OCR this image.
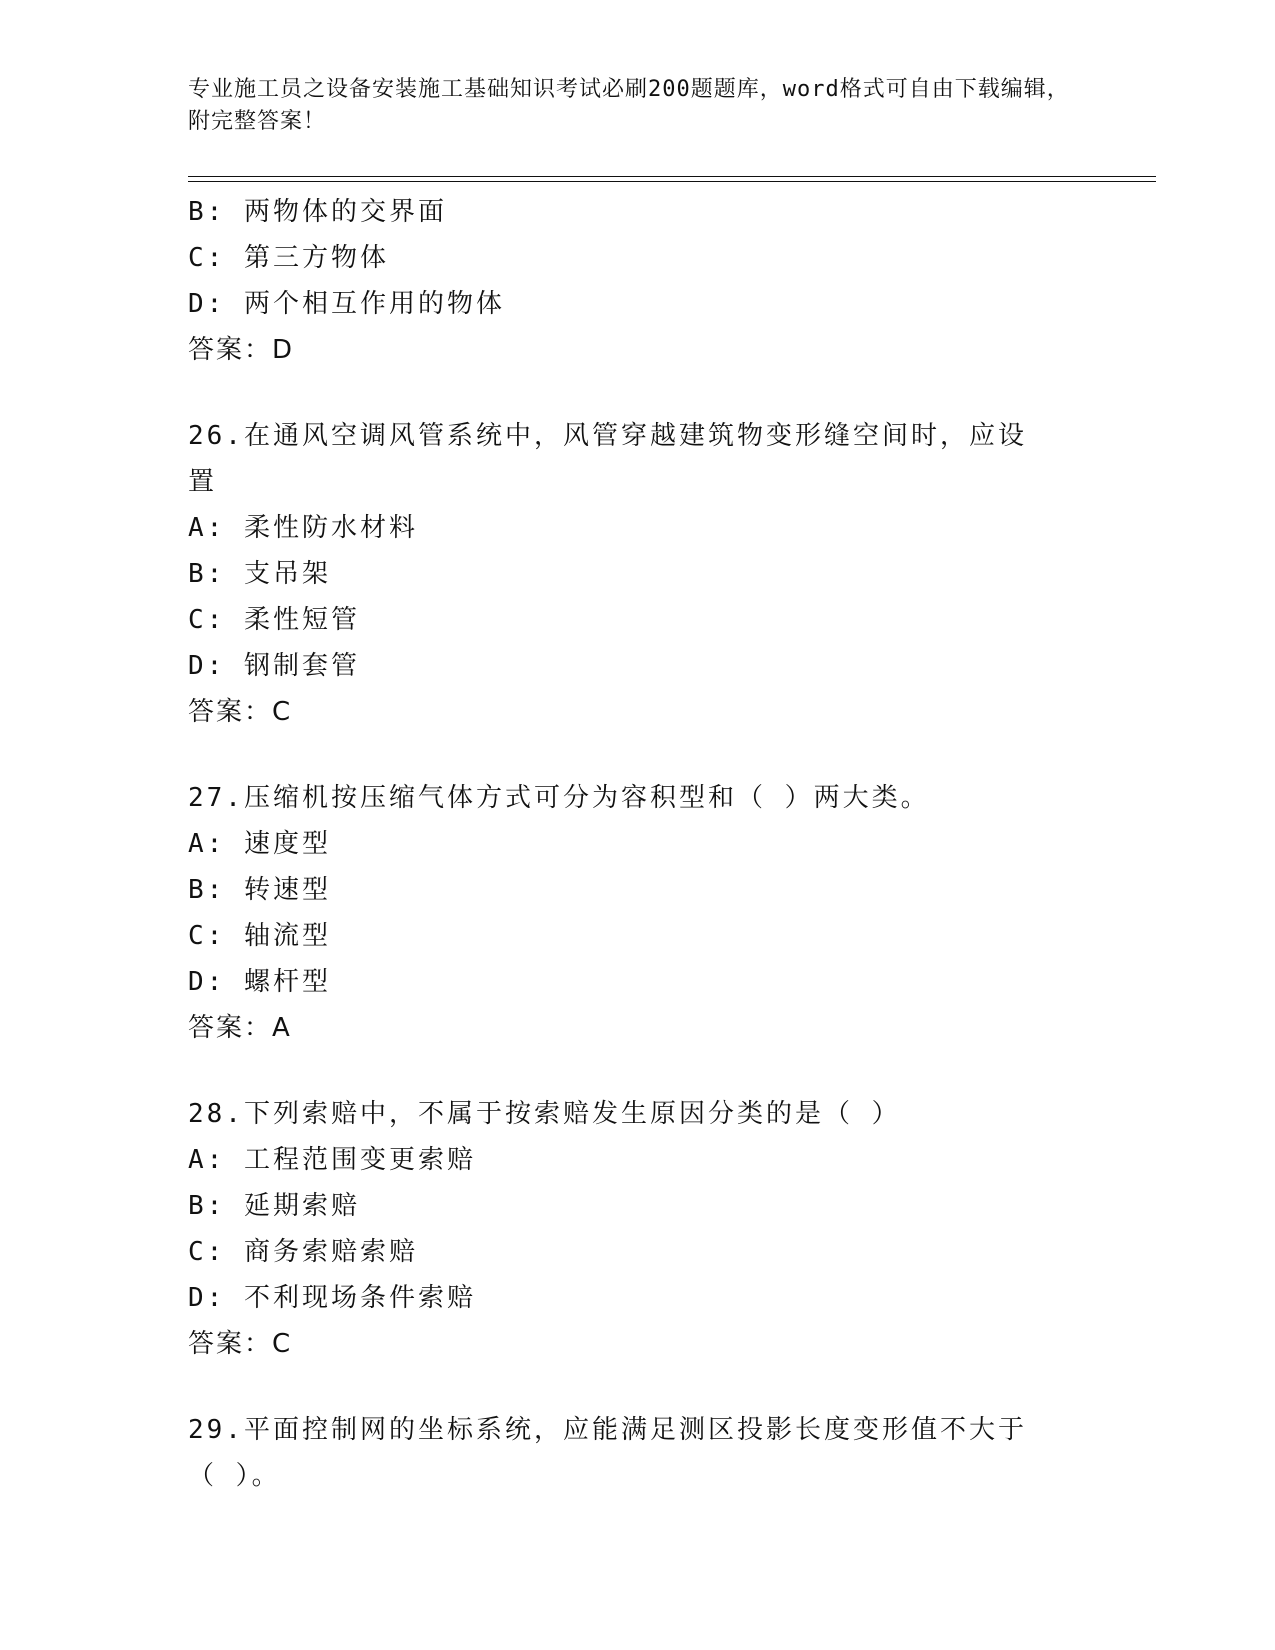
专业施工员之设备安装施工基础知识考试必刷200题题库，word格式可自由下载编辑，附完整答案！
B: 两物体的交界面
C: 第三方物体
D: 两个相互作用的物体
答案：D
26.在通风空调风管系统中，风管穿越建筑物变形缝空间时，应设置
A: 柔性防水材料
B: 支吊架
C: 柔性短管
D: 钢制套管
答案：C
27.压缩机按压缩气体方式可分为容积型和（ ）两大类。
A: 速度型
B: 转速型
C: 轴流型
D: 螺杆型
答案：A
28.下列索赔中，不属于按索赔发生原因分类的是（ ）
A: 工程范围变更索赔
B: 延期索赔
C: 商务索赔索赔
D: 不利现场条件索赔
答案：C
29.平面控制网的坐标系统，应能满足测区投影长度变形值不大于（ ）。
